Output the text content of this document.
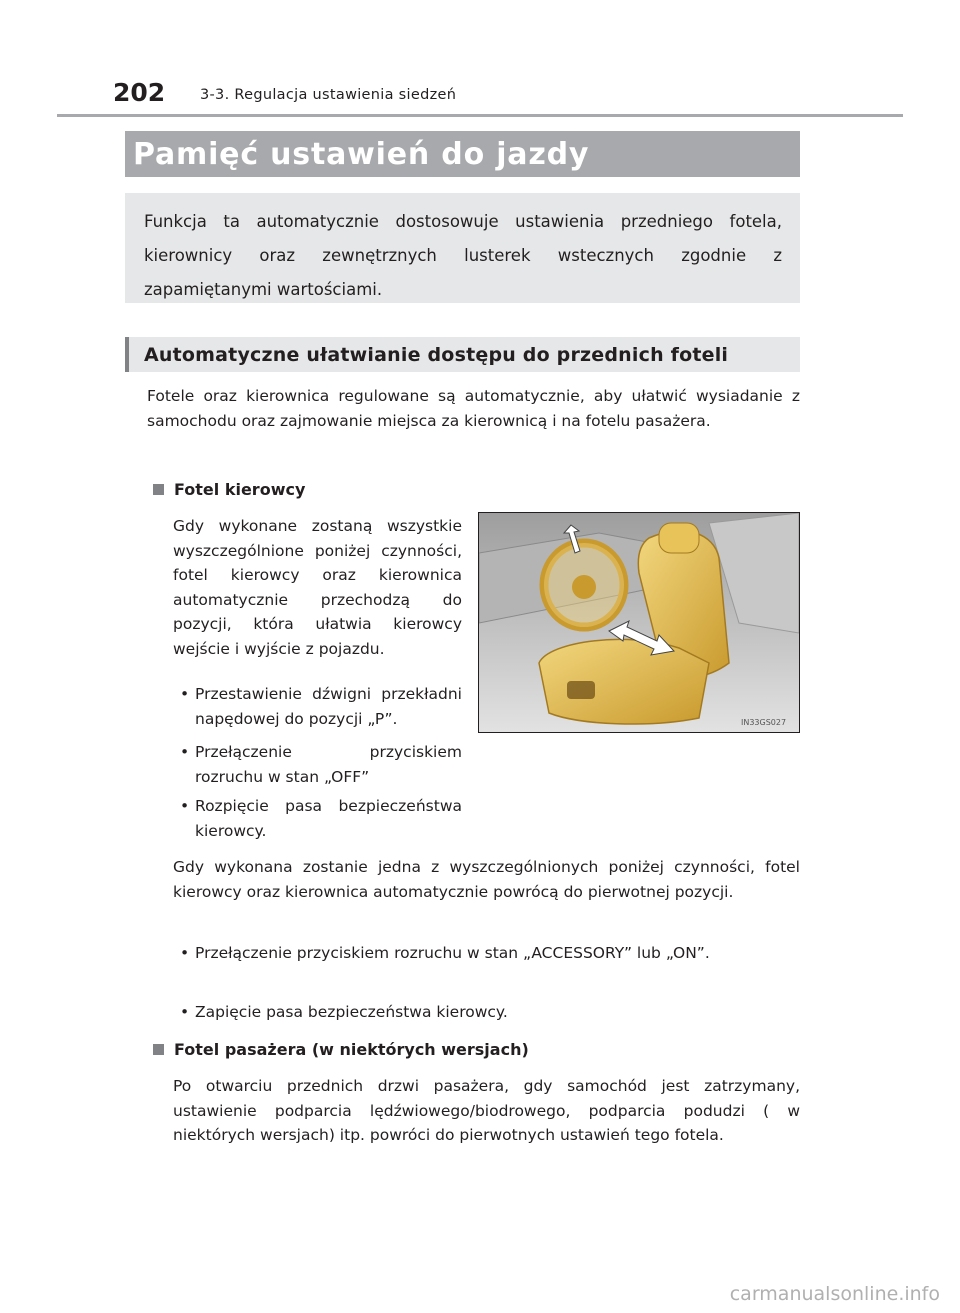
202 3-3. Regulacja ustawienia siedzeń
Pamięć ustawień do jazdy
Funkcja ta automatycznie dostosowuje ustawienia przedniego fotela, kierownicy oraz zewnętrznych lusterek wstecznych zgodnie z zapamiętanymi wartościami.
Automatyczne ułatwianie dostępu do przednich foteli
Fotele oraz kierownica regulowane są automatycznie, aby ułatwić wysiadanie z samochodu oraz zajmowanie miejsca za kierownicą i na fotelu pasażera.
Fotel kierowcy
Gdy wykonane zostaną wszystkie wyszczególnione poniżej czynności, fotel kierowcy oraz kierownica automatycznie przechodzą do pozycji, która ułatwia kierowcy wejście i wyjście z pojazdu.
• Przestawienie dźwigni przekładni napędowej do pozycji „P”.
• Przełączenie przyciskiem rozruchu w stan „OFF”
• Rozpięcie pasa bezpieczeństwa kierowcy.
IN33GS027
Gdy wykonana zostanie jedna z wyszczególnionych poniżej czynności, fotel kierowcy oraz kierownica automatycznie powrócą do pierwotnej pozycji.
• Przełączenie przyciskiem rozruchu w stan „ACCESSORY” lub „ON”.
• Zapięcie pasa bezpieczeństwa kierowcy.
Fotel pasażera (w niektórych wersjach)
Po otwarciu przednich drzwi pasażera, gdy samochód jest zatrzymany, ustawienie podparcia lędźwiowego/biodrowego, podparcia podudzi ( w niektórych wersjach) itp. powróci do pierwotnych ustawień tego fotela.
carmanualsonline.info
